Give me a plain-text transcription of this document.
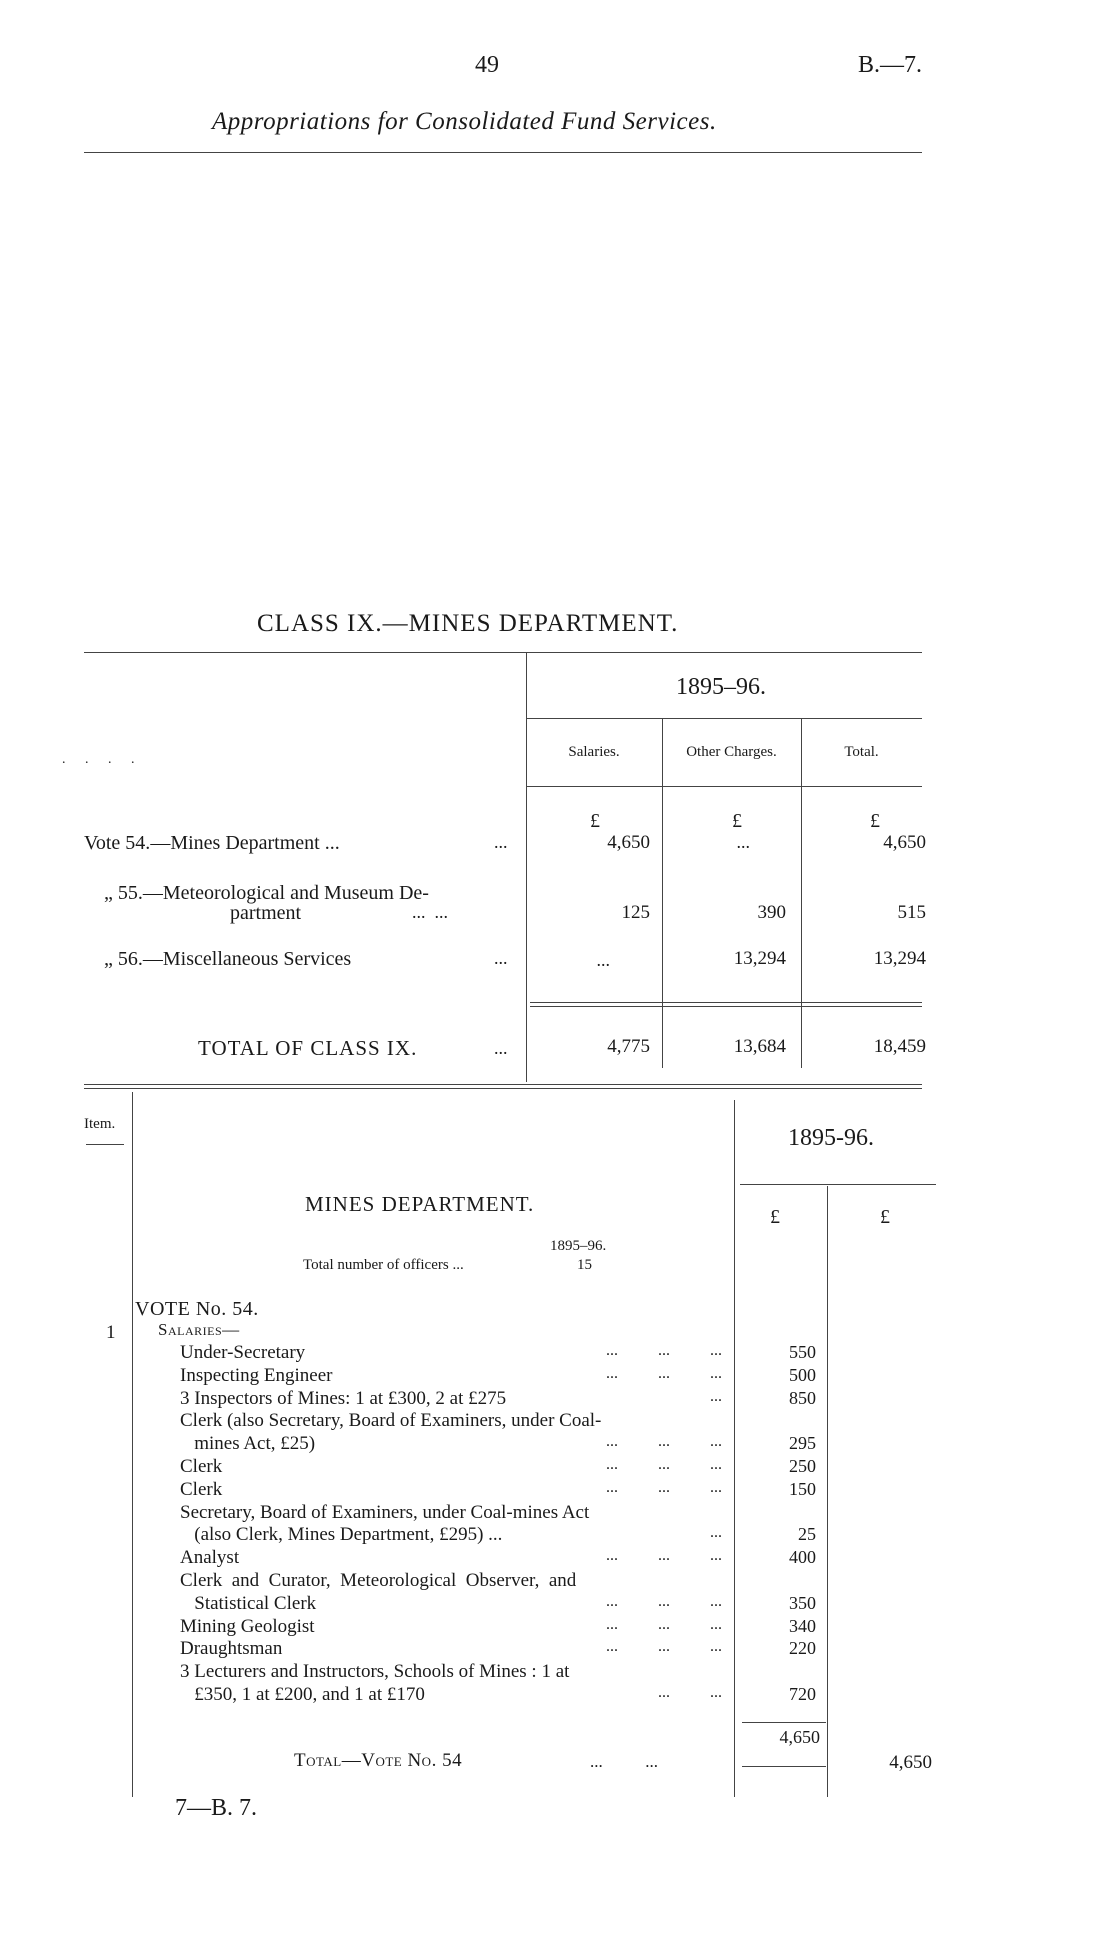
49	B.—7.
Appropriations for Consolidated Fund Services.
CLASS IX.—MINES DEPARTMENT.
1895–96.
Salaries.	Other Charges.	Total.
. . . .
£	£	£
Vote 54.—Mines Department ...	...	4,650	...	4,650
„ 55.—Meteorological and Museum De-
partment	...  ...	125	390	515
„ 56.—Miscellaneous Services	...	...	13,294	13,294
TOTAL OF CLASS IX.	...	4,775	13,684	18,459
Item.
1895-96.
£	£
MINES DEPARTMENT.
1895–96.
Total number of officers ...	15
VOTE No. 54.
1	Salaries—
Under-Secretary	...          ...          ...	550
Inspecting Engineer	...          ...          ...	500
3 Inspectors of Mines: 1 at £300, 2 at £275	...	850
Clerk (also Secretary, Board of Examiners, under Coal-
mines Act, £25)	...          ...          ...	295
Clerk	...          ...          ...	250
Clerk	...          ...          ...	150
Secretary, Board of Examiners, under Coal-mines Act
(also Clerk, Mines Department, £295) ...	...	25
Analyst	...          ...          ...	400
Clerk  and  Curator,  Meteorological  Observer,  and
Statistical Clerk	...          ...          ...	350
Mining Geologist	...          ...          ...	340
Draughtsman	...          ...          ...	220
3 Lecturers and Instructors, Schools of Mines : 1 at
£350, 1 at £200, and 1 at £170	...          ...	720
4,650
Total—Vote No. 54	...          ...	4,650
7—B. 7.
